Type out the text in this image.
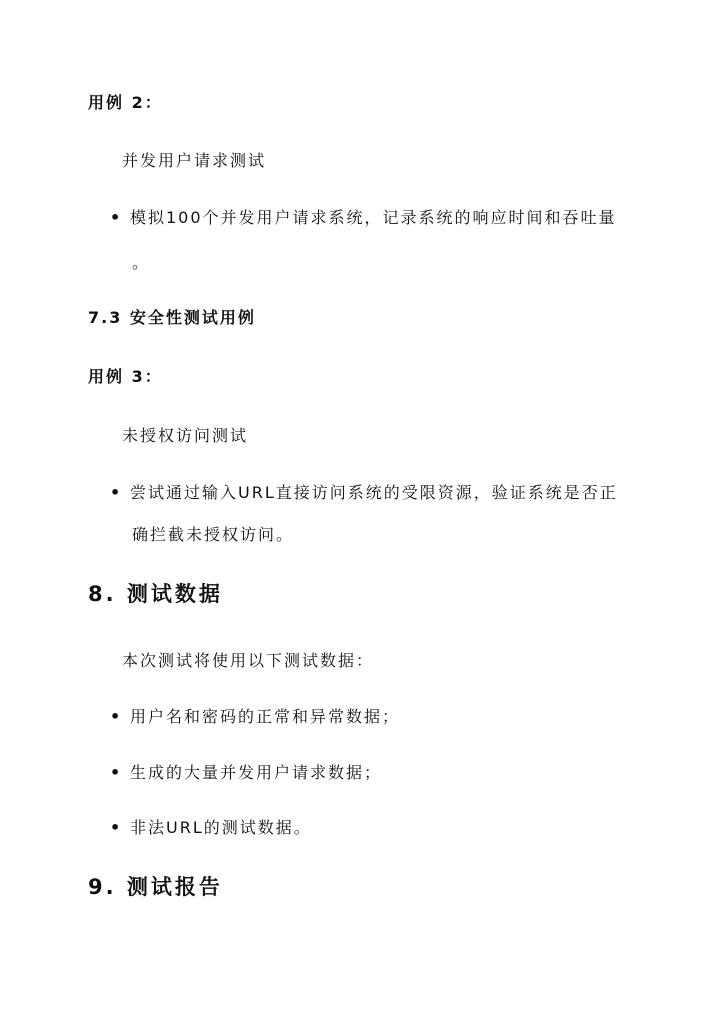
用例 2：
并发用户请求测试
• 模拟100个并发用户请求系统，记录系统的响应时间和吞吐量
。
7.3 安全性测试用例
用例 3：
未授权访问测试
• 尝试通过输入URL直接访问系统的受限资源，验证系统是否正
确拦截未授权访问。
8. 测试数据
本次测试将使用以下测试数据：
• 用户名和密码的正常和异常数据；
• 生成的大量并发用户请求数据；
• 非法URL的测试数据。
9. 测试报告
